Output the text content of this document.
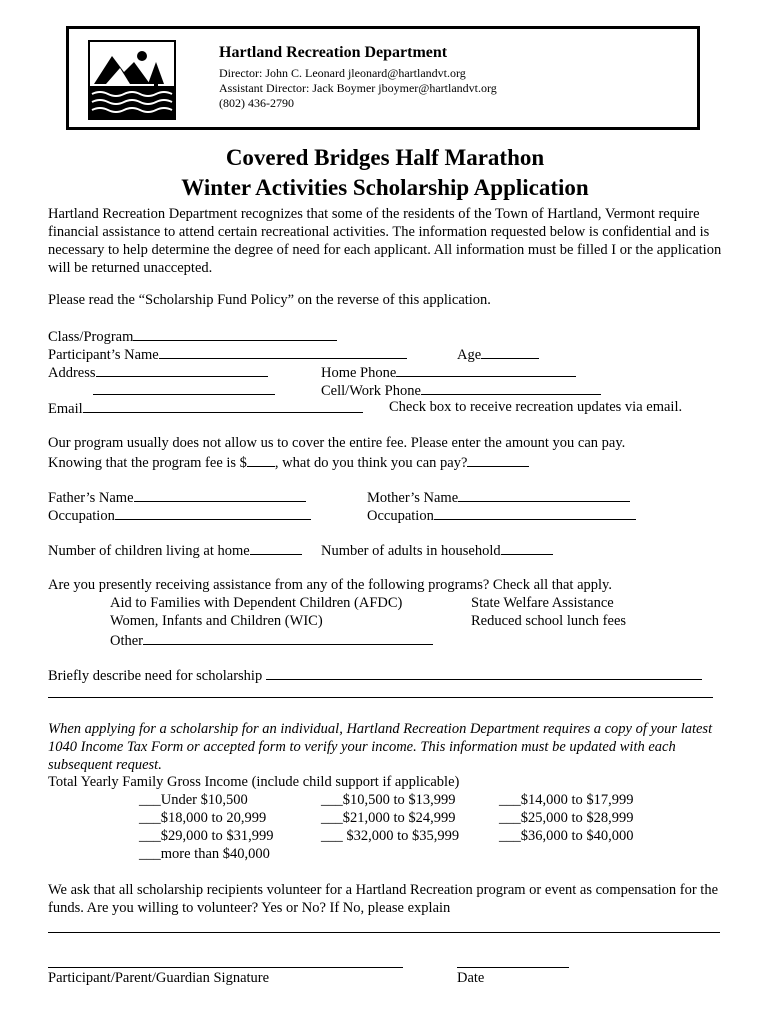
Hartland Recreation Department
Director: John C. Leonard jleonard@hartlandvt.org
Assistant Director: Jack Boymer jboymer@hartlandvt.org
(802) 436-2790
Covered Bridges Half Marathon
Winter Activities Scholarship Application
Hartland Recreation Department recognizes that some of the residents of the Town of Hartland, Vermont require financial assistance to attend certain recreational activities. The information requested below is confidential and is necessary to help determine the degree of need for each applicant. All information must be filled I or the application will be returned unaccepted.
Please read the “Scholarship Fund Policy” on the reverse of this application.
Class/Program
Participant’s Name	Age
Address	Home Phone
Cell/Work Phone
Email	Check box to receive recreation updates via email.
Our program usually does not allow us to cover the entire fee. Please enter the amount you can pay.
Knowing that the program fee is $ , what do you think you can pay?
Father’s Name	Mother’s Name
Occupation	Occupation
Number of children living at home	Number of adults in household
Are you presently receiving assistance from any of the following programs? Check all that apply.
Aid to Families with Dependent Children (AFDC)	State Welfare Assistance
Women, Infants and Children (WIC)	Reduced school lunch fees
Other
Briefly describe need for scholarship
When applying for a scholarship for an individual, Hartland Recreation Department requires a copy of your latest 1040 Income Tax Form or accepted form to verify your income. This information must be updated with each subsequent request.
Total Yearly Family Gross Income (include child support if applicable)
___Under $10,500	___$10,500 to $13,999	___$14,000 to $17,999
___$18,000 to 20,999	___$21,000 to $24,999	___$25,000 to $28,999
___$29,000 to $31,999	___ $32,000 to $35,999	___$36,000 to $40,000
___more than $40,000
We ask that all scholarship recipients volunteer for a Hartland Recreation program or event as compensation for the funds. Are you willing to volunteer? Yes or No? If No, please explain
Participant/Parent/Guardian Signature	Date
